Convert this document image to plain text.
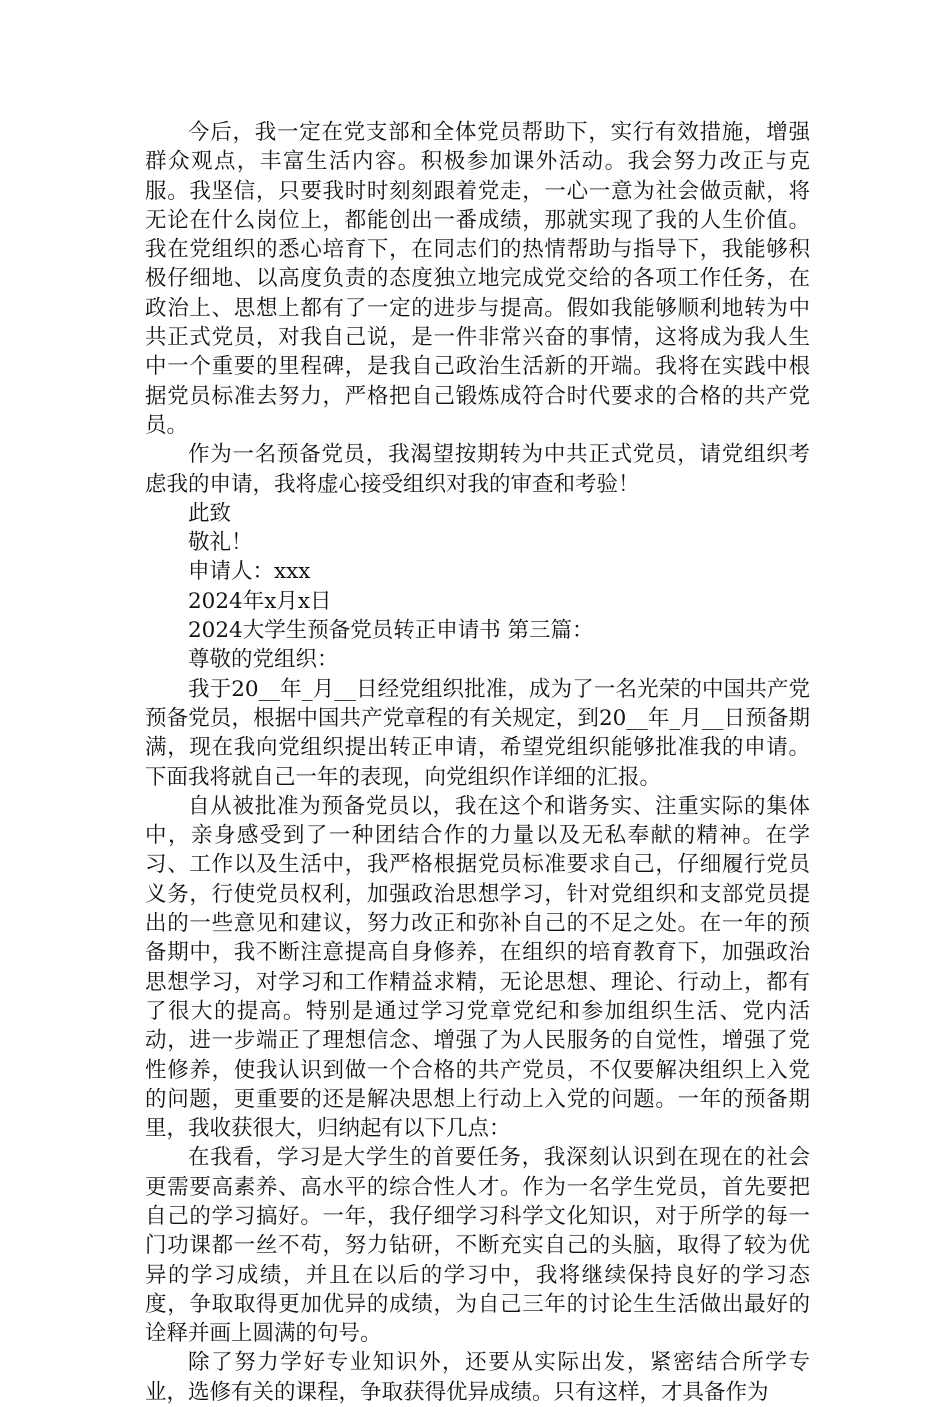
今后，我一定在党支部和全体党员帮助下，实行有效措施，增强群众观点，丰富生活内容。积极参加课外活动。我会努力改正与克服。我坚信，只要我时时刻刻跟着党走，一心一意为社会做贡献，将无论在什么岗位上，都能创出一番成绩，那就实现了我的人生价值。我在党组织的悉心培育下，在同志们的热情帮助与指导下，我能够积极仔细地、以高度负责的态度独立地完成党交给的各项工作任务，在政治上、思想上都有了一定的进步与提高。假如我能够顺利地转为中共正式党员，对我自己说，是一件非常兴奋的事情，这将成为我人生中一个重要的里程碑，是我自己政治生活新的开端。我将在实践中根据党员标准去努力，严格把自己锻炼成符合时代要求的合格的共产党员。

作为一名预备党员，我渴望按期转为中共正式党员，请党组织考虑我的申请，我将虚心接受组织对我的审查和考验！

此致

敬礼！

申请人：xxx

2024年x月x日

2024大学生预备党员转正申请书 第三篇：

尊敬的党组织：

我于20__年_月__日经党组织批准，成为了一名光荣的中国共产党预备党员，根据中国共产党章程的有关规定，到20__年_月__日预备期满，现在我向党组织提出转正申请，希望党组织能够批准我的申请。下面我将就自己一年的表现，向党组织作详细的汇报。

自从被批准为预备党员以，我在这个和谐务实、注重实际的集体中，亲身感受到了一种团结合作的力量以及无私奉献的精神。在学习、工作以及生活中，我严格根据党员标准要求自己，仔细履行党员义务，行使党员权利，加强政治思想学习，针对党组织和支部党员提出的一些意见和建议，努力改正和弥补自己的不足之处。在一年的预备期中，我不断注意提高自身修养，在组织的培育教育下，加强政治思想学习，对学习和工作精益求精，无论思想、理论、行动上，都有了很大的提高。特别是通过学习党章党纪和参加组织生活、党内活动，进一步端正了理想信念、增强了为人民服务的自觉性，增强了党性修养，使我认识到做一个合格的共产党员，不仅要解决组织上入党的问题，更重要的还是解决思想上行动上入党的问题。一年的预备期里，我收获很大，归纳起有以下几点：

在我看，学习是大学生的首要任务，我深刻认识到在现在的社会更需要高素养、高水平的综合性人才。作为一名学生党员，首先要把自己的学习搞好。一年，我仔细学习科学文化知识，对于所学的每一门功课都一丝不苟，努力钻研，不断充实自己的头脑，取得了较为优异的学习成绩，并且在以后的学习中，我将继续保持良好的学习态度，争取取得更加优异的成绩，为自己三年的讨论生生活做出最好的诠释并画上圆满的句号。

除了努力学好专业知识外，还要从实际出发，紧密结合所学专业，选修有关的课程，争取获得优异成绩。只有这样，才具备作为
